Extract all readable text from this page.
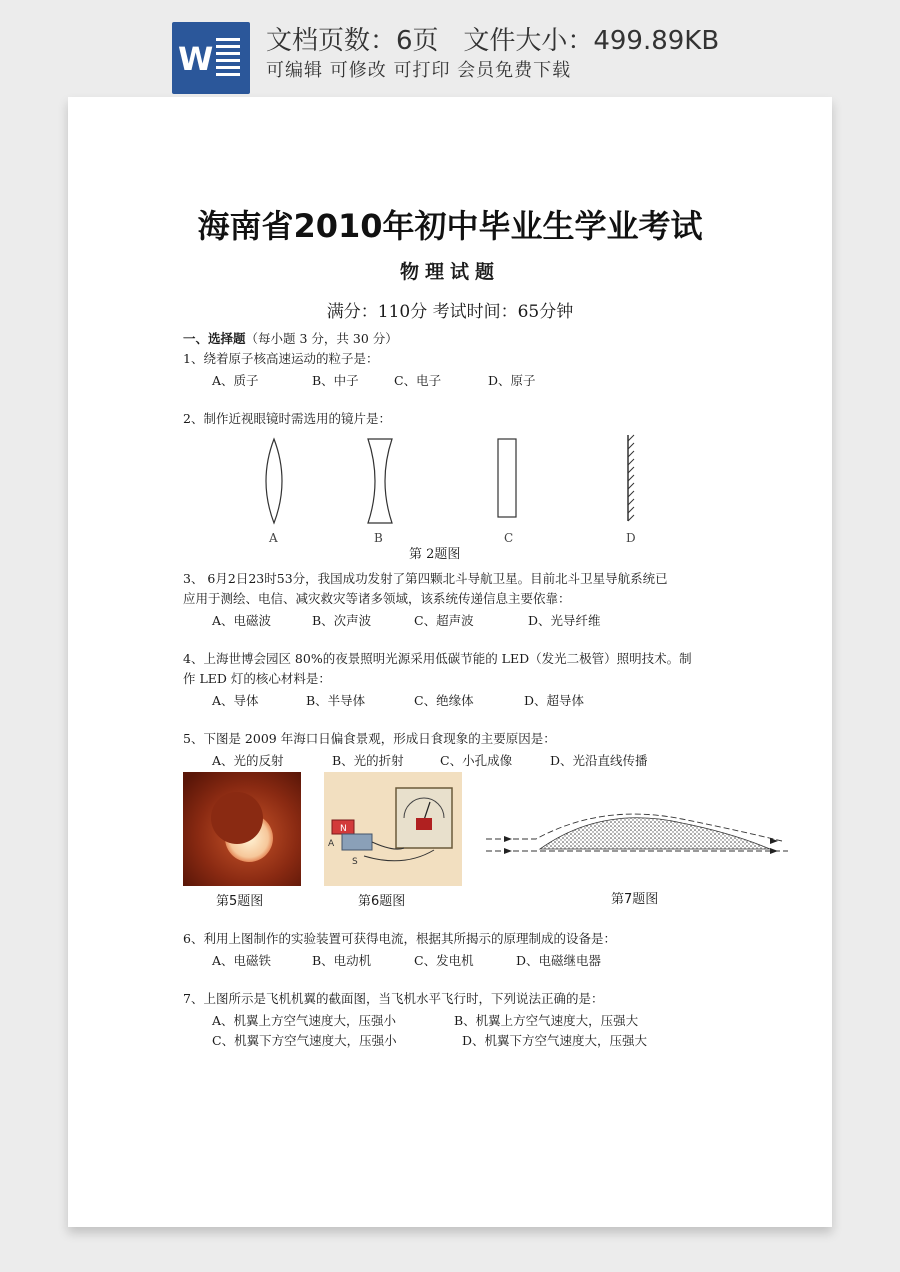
W 文档页数：6页   文件大小：499.89KB
可编辑 可修改 可打印 会员免费下载
海南省2010年初中毕业生学业考试
物理试题
满分：110分 考试时间：65分钟
一、选择题（每小题 3 分，共 30 分）
1、绕着原子核高速运动的粒子是：
A、质子	B、中子	C、电子	D、原子
2、制作近视眼镜时需选用的镜片是：
A	B	C	D
第 2题图
3、 6月2日23时53分，我国成功发射了第四颗北斗导航卫星。目前北斗卫星导航系统已
应用于测绘、电信、减灾救灾等诸多领域，该系统传递信息主要依靠：
A、电磁波	B、次声波	C、超声波	D、光导纤维
4、上海世博会园区 80%的夜景照明光源采用低碳节能的 LED（发光二极管）照明技术。制
作 LED 灯的核心材料是：
A、导体	B、半导体	C、绝缘体	D、超导体
5、下图是 2009 年海口日偏食景观，形成日食现象的主要原因是：
A、光的反射	B、光的折射	C、小孔成像	D、光沿直线传播
第5题图
N
S
A
第6题图	第7题图
6、利用上图制作的实验装置可获得电流，根据其所揭示的原理制成的设备是：
A、电磁铁	B、电动机	C、发电机	D、电磁继电器
7、上图所示是飞机机翼的截面图，当飞机水平飞行时，下列说法正确的是：
A、机翼上方空气速度大，压强小	B、机翼上方空气速度大，压强大
C、机翼下方空气速度大，压强小	D、机翼下方空气速度大，压强大
